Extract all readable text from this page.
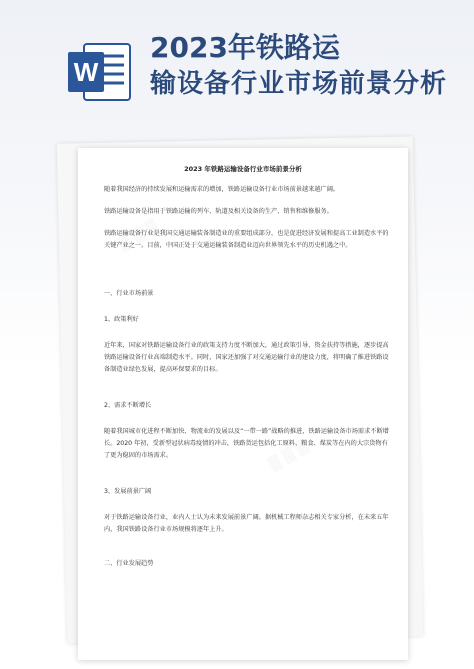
W
2023年铁路运
输设备行业市场前景分析
▒ ▒ ▒
▒ ▒ ▒
2023 年铁路运输设备行业市场前景分析

随着我国经济的持续发展和运输需求的增加，铁路运输设备行业市场前景越来越广阔。

铁路运输设备是指用于铁路运输的列车、轨道及相关设备的生产、销售和维修服务。

铁路运输设备行业是我国交通运输装备制造业的重要组成部分，也是促进经济发展和提高工业制造水平的关键产业之一。目前，中国正处于交通运输装备制造业迈向世界领先水平的历史机遇之中。

一、行业市场前景

1、政策利好

近年来，国家对铁路运输设备行业的政策支持力度不断加大，通过政策引导、资金扶持等措施，逐步提高铁路运输设备行业高端制造水平。同时，国家还加强了对交通运输行业的建设力度，将明确了推进铁路设备制造业绿色发展，提高环保要求的目标。

2、需求不断增长

随着我国城市化进程不断加快、物流业的发展以及“一带一路”战略的推进，铁路运输设备市场需求不断增长。2020 年初，受新型冠状病毒疫情的冲击，铁路货运包括化工原料、粮食、煤炭等在内的大宗货物有了更为稳固的市场需求。

3、发展前景广阔

对于铁路运输设备行业，业内人士认为未来发展前景广阔。据机械工程师杂志相关专家分析，在未来五年内，我国铁路设备行业市场规模将逐年上升。

二、行业发展趋势
